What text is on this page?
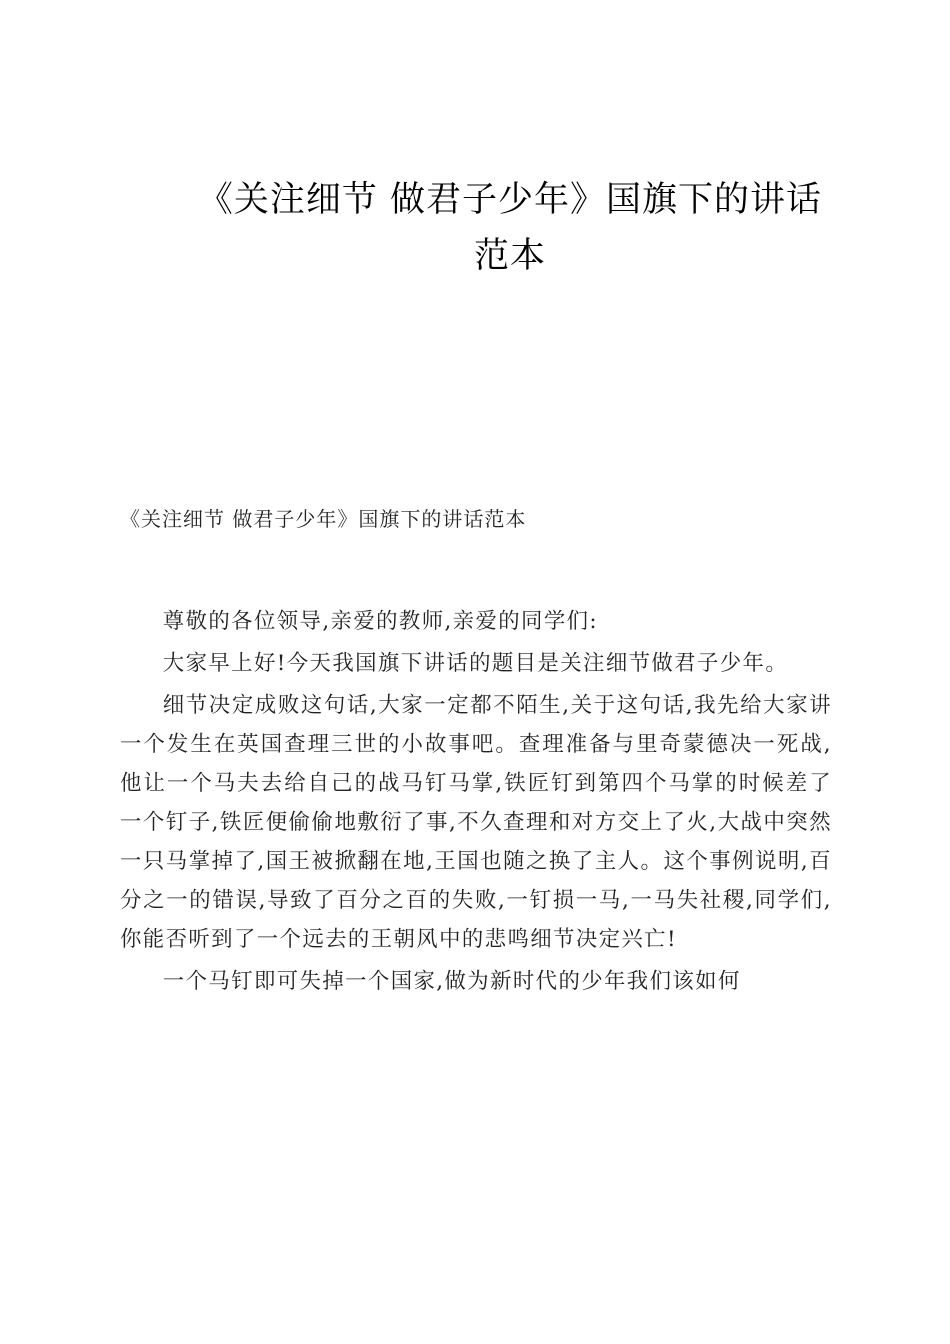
《关注细节 做君子少年》国旗下的讲话
范本
《关注细节 做君子少年》国旗下的讲话范本

尊敬的各位领导,亲爱的教师,亲爱的同学们:

大家早上好!今天我国旗下讲话的题目是关注细节做君子少年。

细节决定成败这句话,大家一定都不陌生,关于这句话,我先给大家讲一个发生在英国查理三世的小故事吧。查理准备与里奇蒙德决一死战,他让一个马夫去给自己的战马钉马掌,铁匠钉到第四个马掌的时候差了一个钉子,铁匠便偷偷地敷衍了事,不久查理和对方交上了火,大战中突然一只马掌掉了,国王被掀翻在地,王国也随之换了主人。这个事例说明,百分之一的错误,导致了百分之百的失败,一钉损一马,一马失社稷,同学们,你能否听到了一个远去的王朝风中的悲鸣细节决定兴亡!

一个马钉即可失掉一个国家,做为新时代的少年我们该如何
